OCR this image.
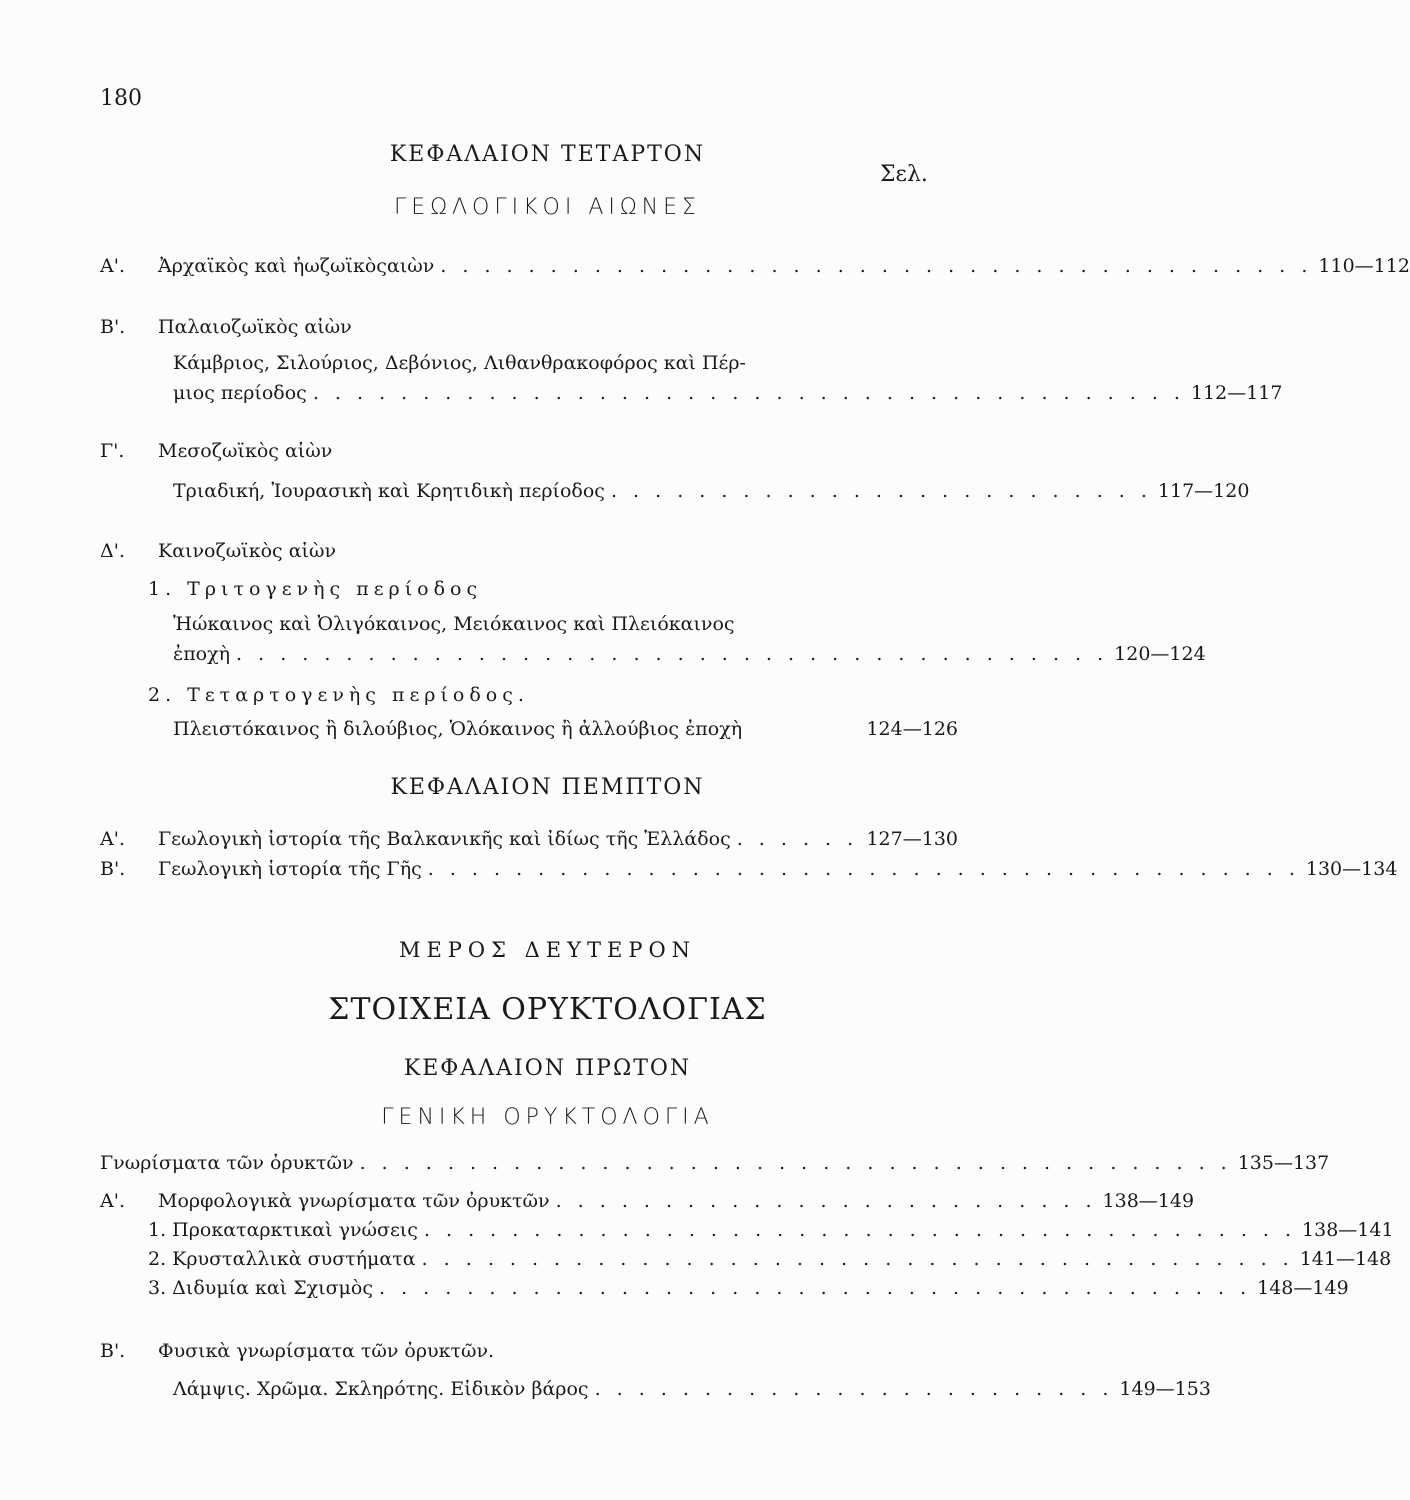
180
ΚΕΦΑΛΑΙΟΝ ΤΕΤΑΡΤΟΝ
Σελ.
ΓΕΩΛΟΓΙΚΟΙ ΑΙΩΝΕΣ
Α'.	Ἀρχαϊκὸς καὶ ἠωζωϊκὸςαιὼν . . . . . . . . . . . . . . . . . . . . . . . . . . . . . . . . . . . . . . . . 110—112
Β'.	Παλαιοζωϊκὸς αἰὼν
Κάμβριος, Σιλούριος, Δεβόνιος, Λιθανθρακοφόρος καὶ Πέρ-
μιος περίοδος . . . . . . . . . . . . . . . . . . . . . . . . . . . . . . . . . . . . . . . . 112—117
Γ'.	Μεσοζωϊκὸς αἰὼν
Τριαδική, Ἰουρασικὴ καὶ Κρητιδικὴ περίοδος . . . . . . . . . . . . . . . . . . . . . . . . . 117—120
Δ'.	Καινοζωϊκὸς αἰὼν
1. Τριτογενὴς περίοδος
Ἠώκαινος καὶ Ὀλιγόκαινος, Μειόκαινος καὶ Πλειόκαινος
ἐποχὴ . . . . . . . . . . . . . . . . . . . . . . . . . . . . . . . . . . . . . . . . 120—124
2. Τεταρτογενὴς περίοδος.
Πλειστόκαινος ἢ διλούβιος, Ὁλόκαινος ἢ ἀλλούβιος ἐποχὴ	124—126
ΚΕΦΑΛΑΙΟΝ ΠΕΜΠΤΟΝ
Α'.	Γεωλογικὴ ἱστορία τῆς Βαλκανικῆς καὶ ἰδίως τῆς Ἑλλάδος . . . . . . 127—130
Β'.	Γεωλογικὴ ἱστορία τῆς Γῆς . . . . . . . . . . . . . . . . . . . . . . . . . . . . . . . . . . . . . . . . 130—134
ΜΕΡΟΣ ΔΕΥΤΕΡΟΝ
ΣΤΟΙΧΕΙΑ ΟΡΥΚΤΟΛΟΓΙΑΣ
ΚΕΦΑΛΑΙΟΝ ΠΡΩΤΟΝ
ΓΕΝΙΚΗ ΟΡΥΚΤΟΛΟΓΙΑ
Γνωρίσματα τῶν ὀρυκτῶν . . . . . . . . . . . . . . . . . . . . . . . . . . . . . . . . . . . . . . . . 135—137
Α'.	Μορφολογικὰ γνωρίσματα τῶν ὀρυκτῶν . . . . . . . . . . . . . . . . . . . . . . . . . 138—149
1. Προκαταρκτικαὶ γνώσεις . . . . . . . . . . . . . . . . . . . . . . . . . . . . . . . . . . . . . . . . 138—141
2. Κρυσταλλικὰ συστήματα . . . . . . . . . . . . . . . . . . . . . . . . . . . . . . . . . . . . . . . . 141—148
3. Διδυμία καὶ Σχισμὸς . . . . . . . . . . . . . . . . . . . . . . . . . . . . . . . . . . . . . . . . 148—149
Β'.	Φυσικὰ γνωρίσματα τῶν ὀρυκτῶν.
Λάμψις. Χρῶμα. Σκληρότης. Εἰδικὸν βάρος . . . . . . . . . . . . . . . . . . . . . . . . 149—153
